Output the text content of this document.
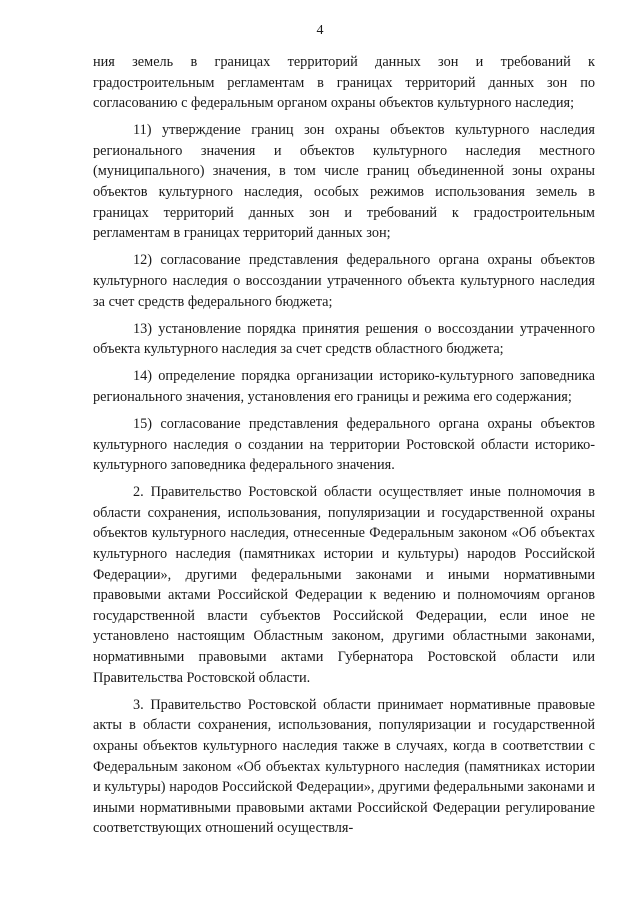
4

ния земель в границах территорий данных зон и требований к градостроительным регламентам в границах территорий данных зон по согласованию с федеральным органом охраны объектов культурного наследия;

11) утверждение границ зон охраны объектов культурного наследия регионального значения и объектов культурного наследия местного (муниципального) значения, в том числе границ объединенной зоны охраны объектов культурного наследия, особых режимов использования земель в границах территорий данных зон и требований к градостроительным регламентам в границах территорий данных зон;

12) согласование представления федерального органа охраны объектов культурного наследия о воссоздании утраченного объекта культурного наследия за счет средств федерального бюджета;

13) установление порядка принятия решения о воссоздании утраченного объекта культурного наследия за счет средств областного бюджета;

14) определение порядка организации историко-культурного заповедника регионального значения, установления его границы и режима его содержания;

15) согласование представления федерального органа охраны объектов культурного наследия о создании на территории Ростовской области историко-культурного заповедника федерального значения.

2. Правительство Ростовской области осуществляет иные полномочия в области сохранения, использования, популяризации и государственной охраны объектов культурного наследия, отнесенные Федеральным законом «Об объектах культурного наследия (памятниках истории и культуры) народов Российской Федерации», другими федеральными законами и иными нормативными правовыми актами Российской Федерации к ведению и полномочиям органов государственной власти субъектов Российской Федерации, если иное не установлено настоящим Областным законом, другими областными законами, нормативными правовыми актами Губернатора Ростовской области или Правительства Ростовской области.

3. Правительство Ростовской области принимает нормативные правовые акты в области сохранения, использования, популяризации и государственной охраны объектов культурного наследия также в случаях, когда в соответствии с Федеральным законом «Об объектах культурного наследия (памятниках истории и культуры) народов Российской Федерации», другими федеральными законами и иными нормативными правовыми актами Российской Федерации регулирование соответствующих отношений осуществля-
